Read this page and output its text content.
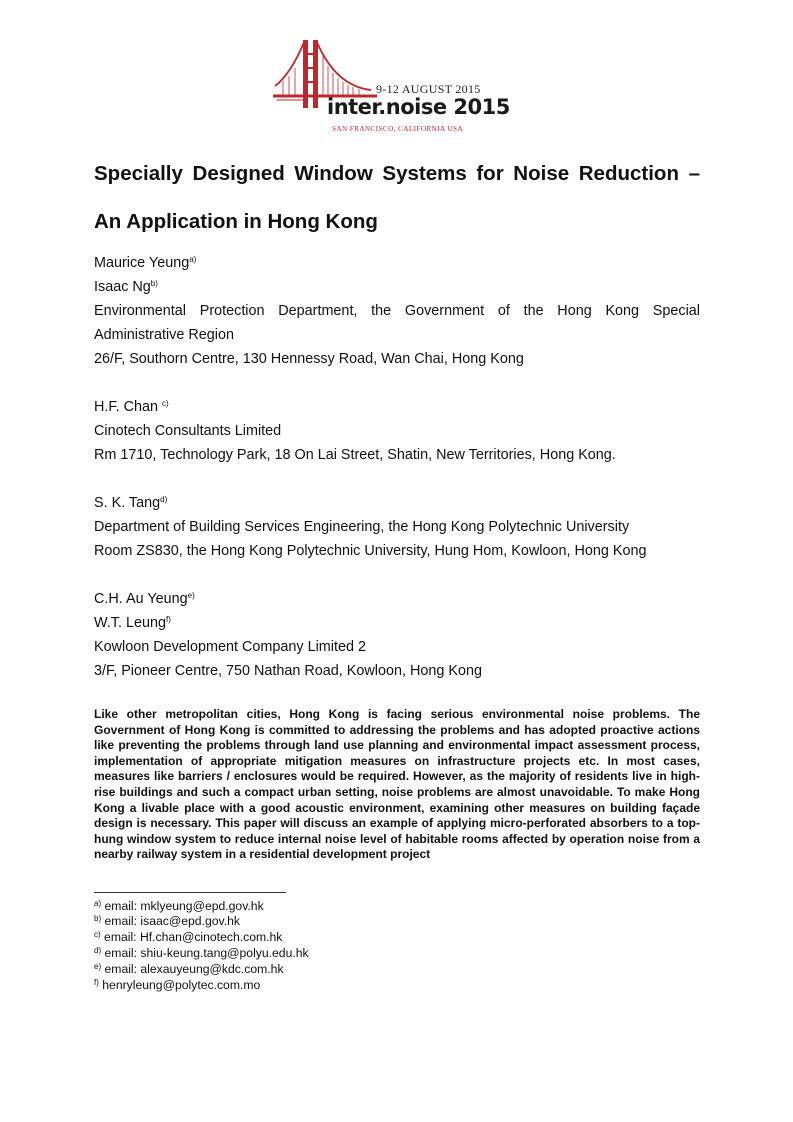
9-12 AUGUST 2015
inter.noise 2015
SAN FRANCISCO, CALIFORNIA USA
Specially Designed Window Systems for Noise Reduction – An Application in Hong Kong
Maurice Yeung$^{a)}$
Isaac Ng$^{b)}$
Environmental Protection Department, the Government of the Hong Kong Special Administrative Region
26/F, Southorn Centre, 130 Hennessy Road, Wan Chai, Hong Kong
H.F. Chan $^{c)}$
Cinotech Consultants Limited
Rm 1710, Technology Park, 18 On Lai Street, Shatin, New Territories, Hong Kong.
S. K. Tang$^{d)}$
Department of Building Services Engineering, the Hong Kong Polytechnic University
Room ZS830, the Hong Kong Polytechnic University, Hung Hom, Kowloon, Hong Kong
C.H. Au Yeung$^{e)}$
W.T. Leung$^{f)}$
Kowloon Development Company Limited 2
3/F, Pioneer Centre, 750 Nathan Road, Kowloon, Hong Kong

Like other metropolitan cities, Hong Kong is facing serious environmental noise problems. The Government of Hong Kong is committed to addressing the problems and has adopted proactive actions like preventing the problems through land use planning and environmental impact assessment process, implementation of appropriate mitigation measures on infrastructure projects etc. In most cases, measures like barriers / enclosures would be required. However, as the majority of residents live in high-rise buildings and such a compact urban setting, noise problems are almost unavoidable. To make Hong Kong a livable place with a good acoustic environment, examining other measures on building façade design is necessary. This paper will discuss an example of applying micro-perforated absorbers to a top-hung window system to reduce internal noise level of habitable rooms affected by operation noise from a nearby railway system in a residential development project

$^{a)}$ email: mklyeung@epd.gov.hk
$^{b)}$ email: isaac@epd.gov.hk
$^{c)}$ email: Hf.chan@cinotech.com.hk
$^{d)}$ email: shiu-keung.tang@polyu.edu.hk
$^{e)}$ email: alexauyeung@kdc.com.hk
$^{f)}$ henryleung@polytec.com.mo
